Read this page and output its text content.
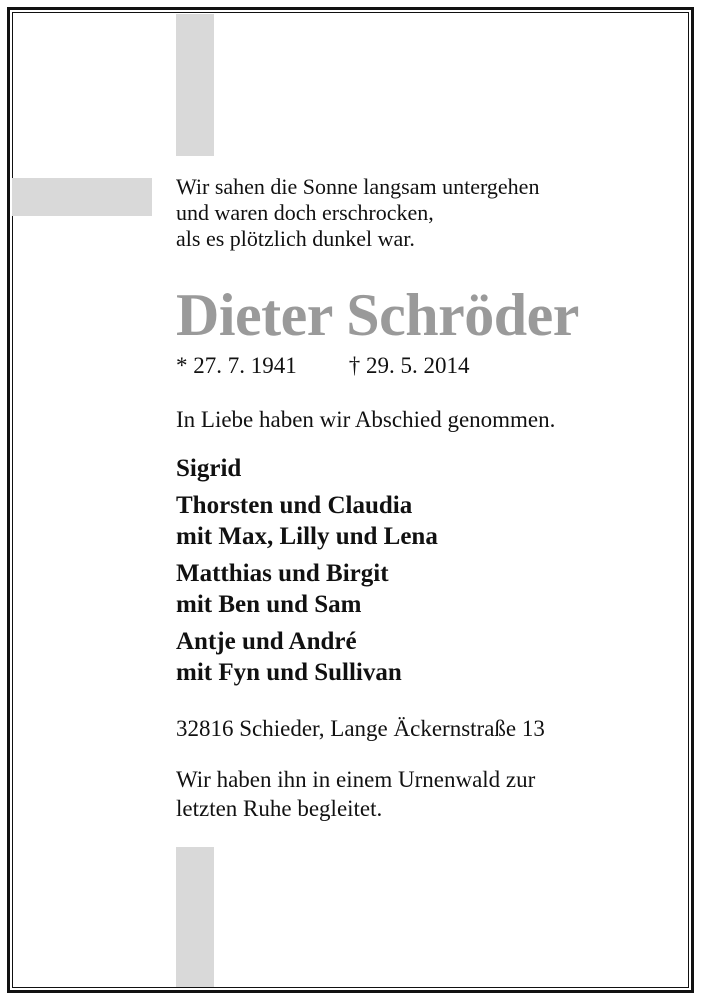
Wir sahen die Sonne langsam untergehen
und waren doch erschrocken,
als es plötzlich dunkel war.
Dieter Schröder
* 27. 7. 1941 † 29. 5. 2014
In Liebe haben wir Abschied genommen.
Sigrid
Thorsten und Claudia
mit Max, Lilly und Lena
Matthias und Birgit
mit Ben und Sam
Antje und André
mit Fyn und Sullivan
32816 Schieder, Lange Äckernstraße 13
Wir haben ihn in einem Urnenwald zur
letzten Ruhe begleitet.
